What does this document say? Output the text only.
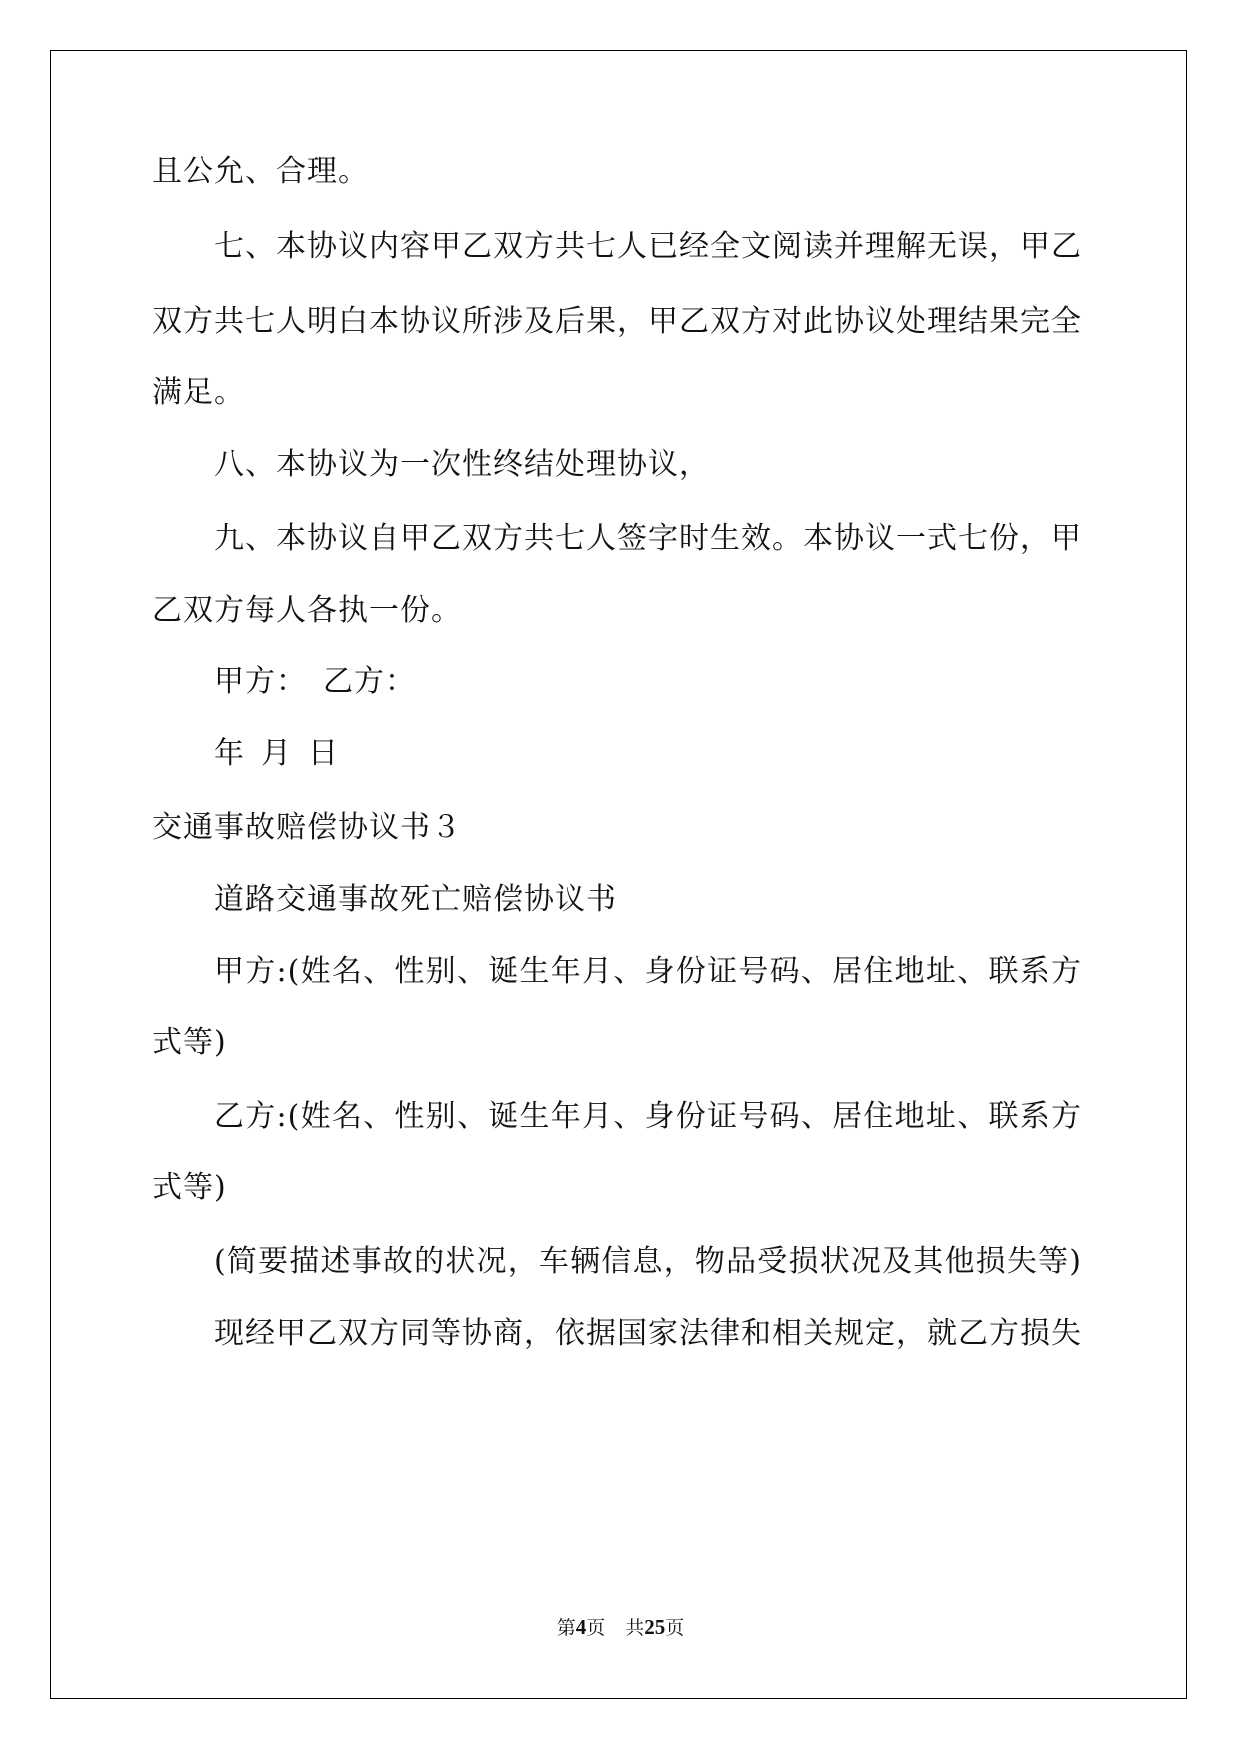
且公允、合理。
七、本协议内容甲乙双方共七人已经全文阅读并理解无误，甲乙
双方共七人明白本协议所涉及后果，甲乙双方对此协议处理结果完全
满足。
八、本协议为一次性终结处理协议，
九、本协议自甲乙双方共七人签字时生效。本协议一式七份，甲
乙双方每人各执一份。
甲方： 乙方：
年 月 日
交通事故赔偿协议书３
道路交通事故死亡赔偿协议书
甲方:(姓名、性别、诞生年月、身份证号码、居住地址、联系方
式等)
乙方:(姓名、性别、诞生年月、身份证号码、居住地址、联系方
式等)
(简要描述事故的状况，车辆信息，物品受损状况及其他损失等)
现经甲乙双方同等协商，依据国家法律和相关规定，就乙方损失
第4页 共25页
